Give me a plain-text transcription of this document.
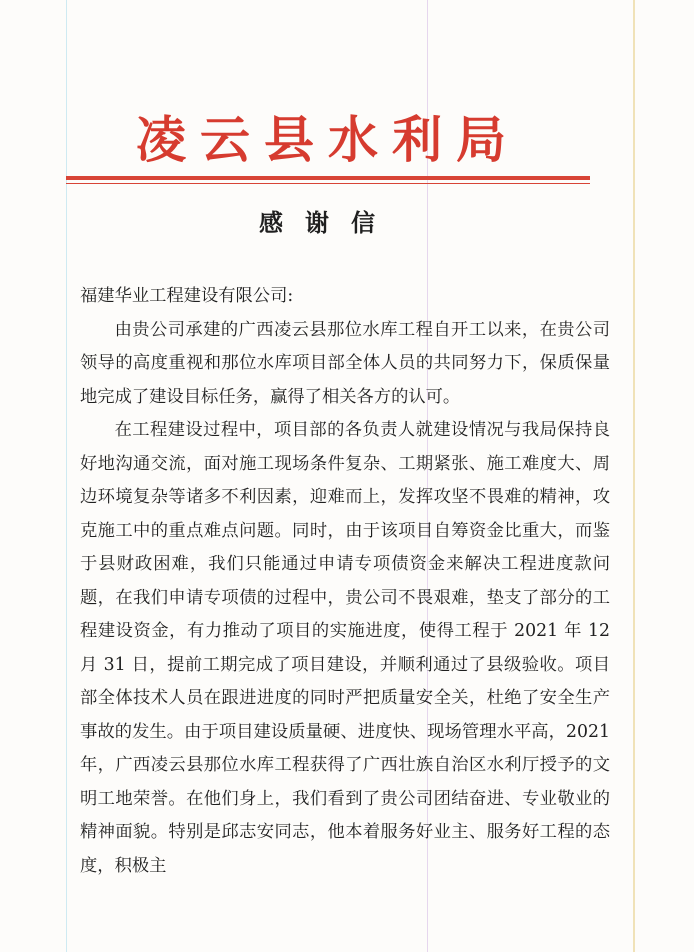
凌云县水利局
感谢信

福建华业工程建设有限公司:

由贵公司承建的广西凌云县那位水库工程自开工以来，在贵公司领导的高度重视和那位水库项目部全体人员的共同努力下，保质保量地完成了建设目标任务，赢得了相关各方的认可。

在工程建设过程中，项目部的各负责人就建设情况与我局保持良好地沟通交流，面对施工现场条件复杂、工期紧张、施工难度大、周边环境复杂等诸多不利因素，迎难而上，发挥攻坚不畏难的精神，攻克施工中的重点难点问题。同时，由于该项目自筹资金比重大，而鉴于县财政困难，我们只能通过申请专项债资金来解决工程进度款问题，在我们申请专项债的过程中，贵公司不畏艰难，垫支了部分的工程建设资金，有力推动了项目的实施进度，使得工程于 2021 年 12 月 31 日，提前工期完成了项目建设，并顺利通过了县级验收。项目部全体技术人员在跟进进度的同时严把质量安全关，杜绝了安全生产事故的发生。由于项目建设质量硬、进度快、现场管理水平高，2021 年，广西凌云县那位水库工程获得了广西壮族自治区水利厅授予的文明工地荣誉。在他们身上，我们看到了贵公司团结奋进、专业敬业的精神面貌。特别是邱志安同志，他本着服务好业主、服务好工程的态度，积极主
